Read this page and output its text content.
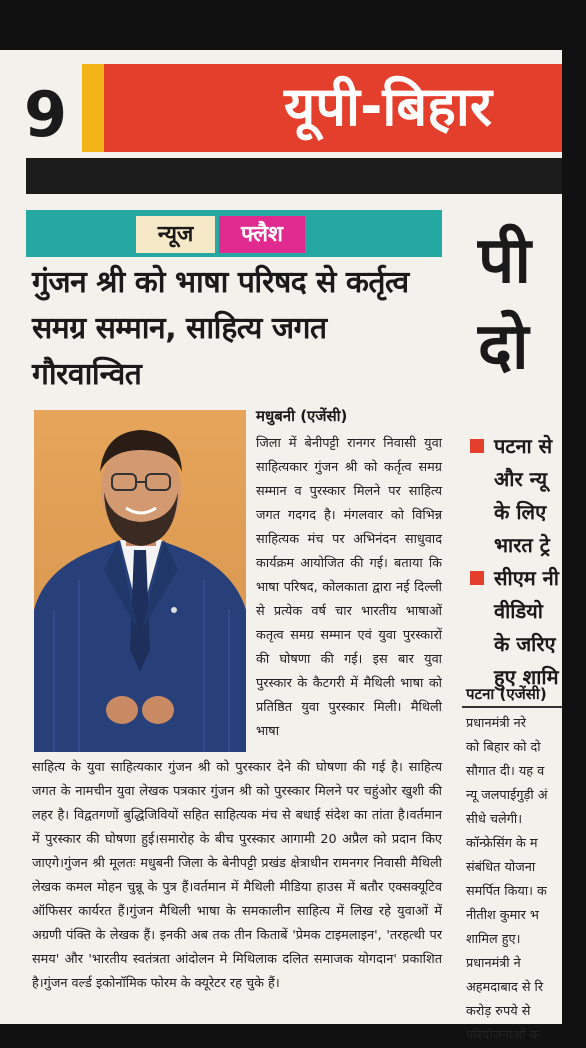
9	यूपी-बिहार
न्यूज	फ्लैश
गुंजन श्री को भाषा परिषद से कर्तृत्व समग्र सम्मान, साहित्य जगत गौरवान्वित
मधुबनी (एजेंसी)

जिला में बेनीपट्टी रानगर निवासी युवा साहित्यकार गुंजन श्री को कर्तृत्व समग्र सम्मान व पुरस्कार मिलने पर साहित्य जगत गदगद है। मंगलवार को विभिन्न साहित्यक मंच पर अभिनंदन साधुवाद कार्यक्रम आयोजित की गई। बताया कि भाषा परिषद, कोलकाता द्वारा नई दिल्ली से प्रत्येक वर्ष चार भारतीय भाषाओं कतृत्व समग्र सम्मान एवं युवा पुरस्कारों की घोषणा की गई। इस बार युवा पुरस्कार के कैटगरी में मैथिली भाषा को प्रतिष्ठित युवा पुरस्कार मिली। मैथिली भाषा

साहित्य के युवा साहित्यकार गुंजन श्री को पुरस्कार देने की घोषणा की गई है। साहित्य जगत के नामचीन युवा लेखक पत्रकार गुंजन श्री को पुरस्कार मिलने पर चहुंओर खुशी की लहर है। विद्वतगणों बुद्धिजिवियों सहित साहित्यक मंच से बधाई संदेश का तांता है।वर्तमान में पुरस्कार की घोषणा हुई।समारोह के बीच पुरस्कार आगामी 20 अप्रैल को प्रदान किए जाएगे।गुंजन श्री मूलतः मधुबनी जिला के बेनीपट्टी प्रखंड क्षेत्राधीन रामनगर निवासी मैथिली लेखक कमल मोहन चुन्नू के पुत्र हैं।वर्तमान में मैथिली मीडिया हाउस में बतौर एक्सक्यूटिव ऑफिसर कार्यरत हैं।गुंजन मैथिली भाषा के समकालीन साहित्य में लिख रहे युवाओं में अग्रणी पंक्ति के लेखक हैं। इनकी अब तक तीन किताबें 'प्रेमक टाइमलाइन', 'तरहत्थी पर समय' और 'भारतीय स्वतंत्रता आंदोलन मे मिथिलाक दलित समाजक योगदान' प्रकाशित है।गुंजन वर्ल्ड इकोनॉमिक फोरम के क्यूरेटर रह चुके हैं।

पी
दो
पटना से
और न्यू
के लिए
भारत ट्रे
सीएम नी
वीडियो
के जरिए
हुए शामि
पटना (एजेंसी)
प्रधानमंत्री नरे
को बिहार को दो
सौगात दी। यह व
न्यू जलपाईगुड़ी अं
सीधे चलेगी।
कॉन्फ्रेसिंग के म
संबंधित योजना
समर्पित किया। क
नीतीश कुमार भ
शामिल हुए।
प्रधानमंत्री ने
अहमदाबाद से रि
करोड़ रुपये से
परियोजनाओं क
